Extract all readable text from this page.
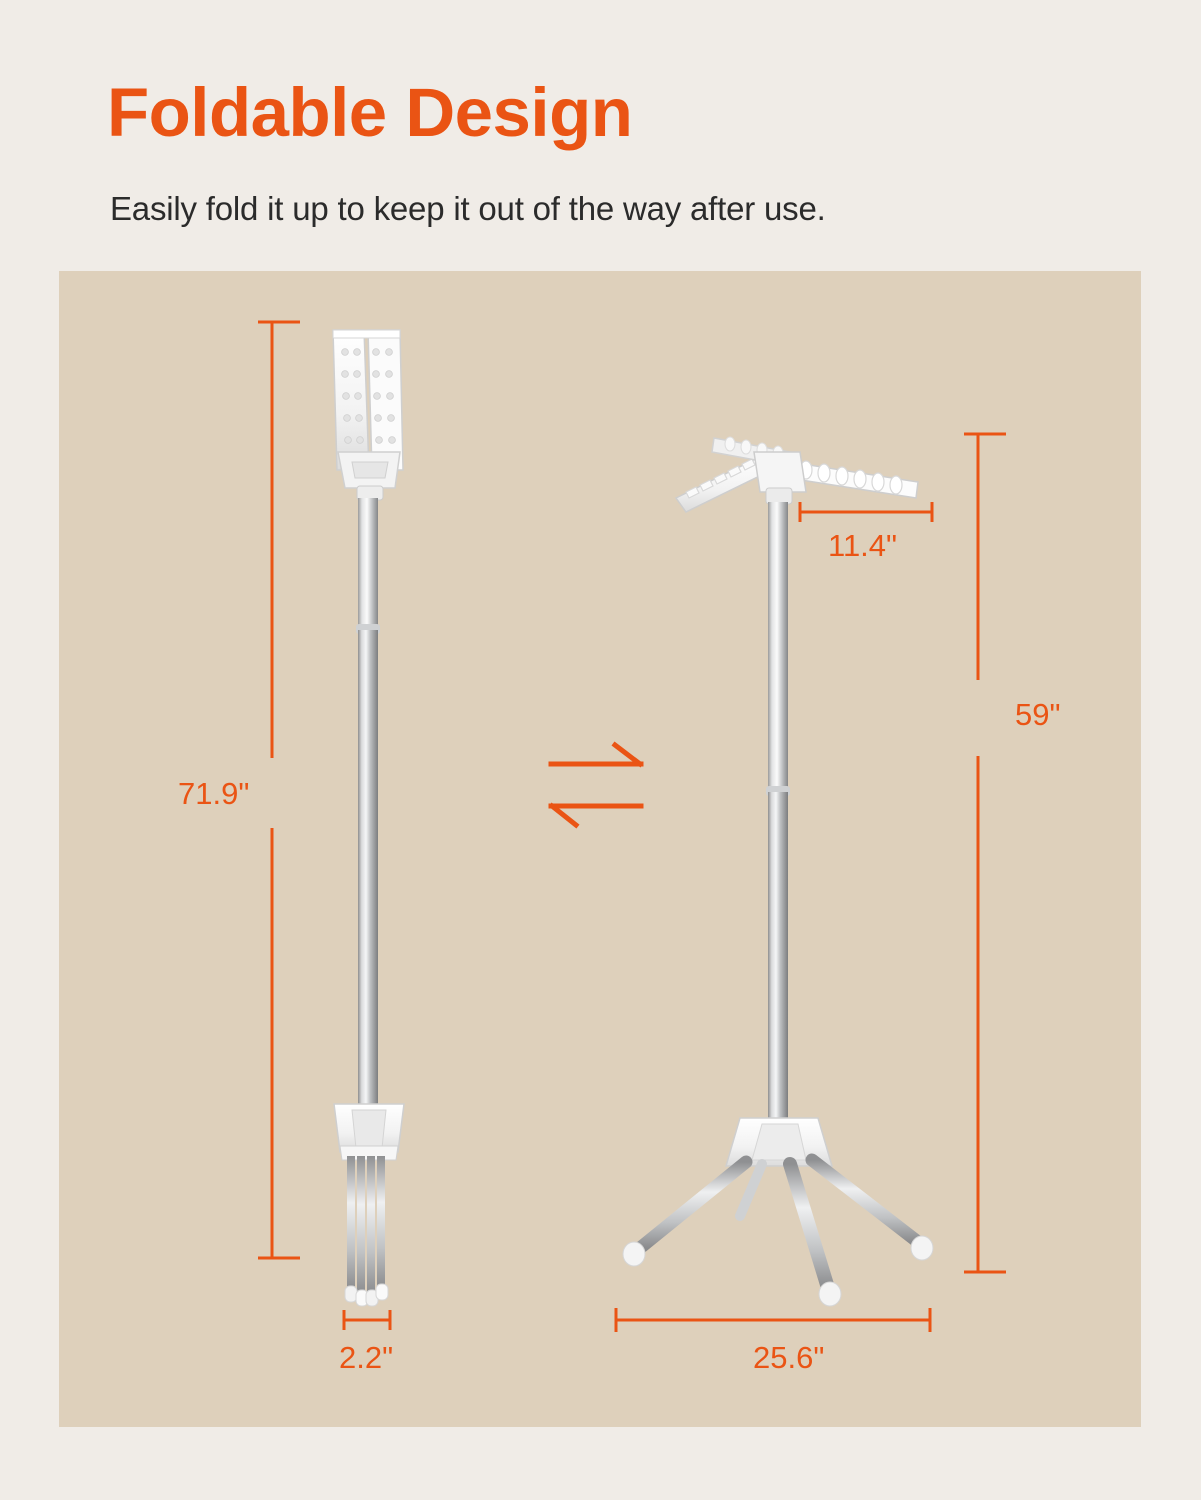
Foldable Design
Easily fold it up to keep it out of the way after use.
71.9"
2.2"
11.4"
59"
25.6"
